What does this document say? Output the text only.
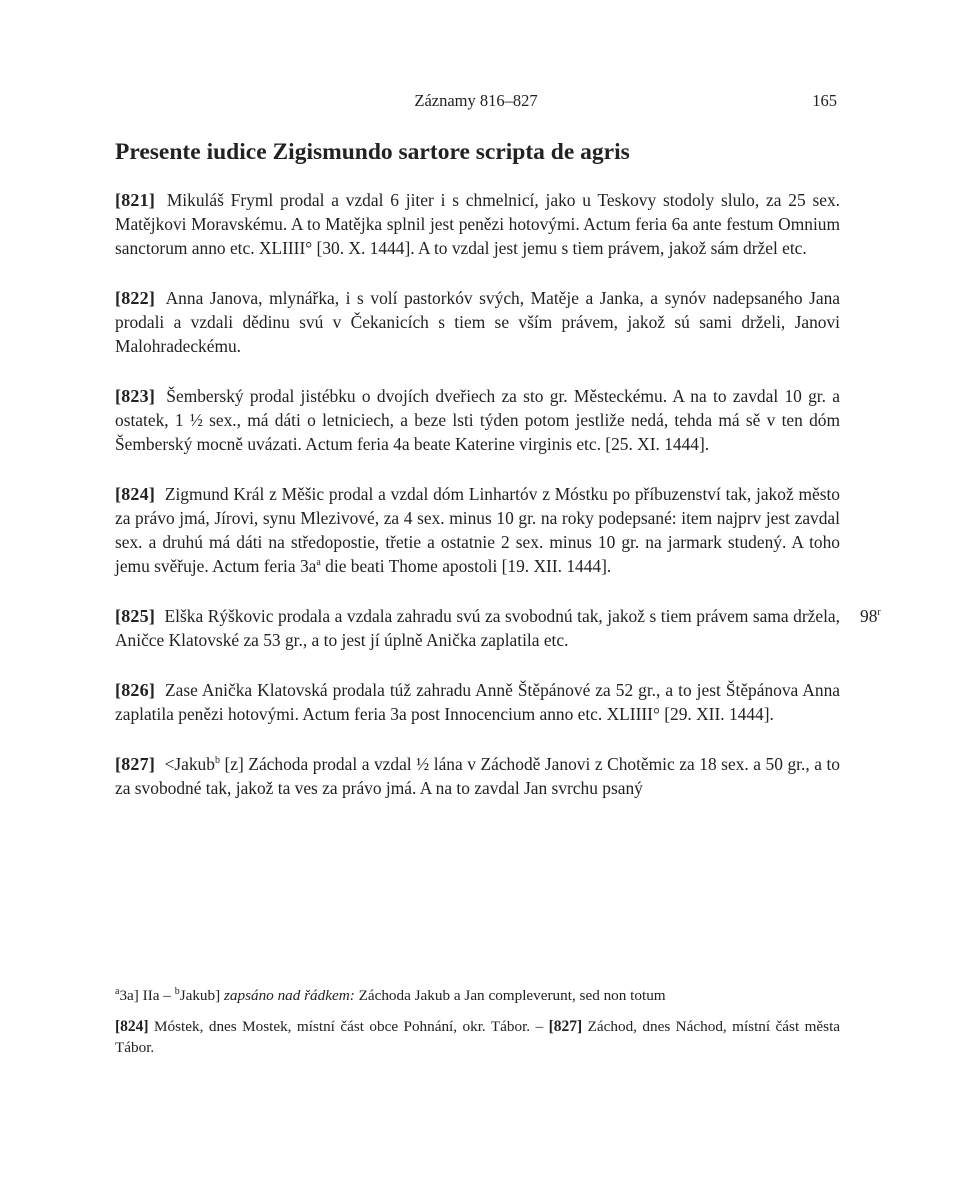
Záznamy 816–827	165
Presente iudice Zigismundo sartore scripta de agris

[821] Mikuláš Fryml prodal a vzdal 6 jiter i s chmelnicí, jako u Teskovy stodoly slulo, za 25 sex. Matějkovi Moravskému. A to Matějka splnil jest penězi hotovými. Actum feria 6a ante festum Omnium sanctorum anno etc. XLIIII° [30. X. 1444]. A to vzdal jest jemu s tiem právem, jakož sám držel etc.

[822] Anna Janova, mlynářka, i s volí pastorkóv svých, Matěje a Janka, a synóv nadepsaného Jana prodali a vzdali dědinu svú v Čekanicích s tiem se vším právem, jakož sú sami drželi, Janovi Malohradeckému.

[823] Šemberský prodal jistébku o dvojích dveřiech za sto gr. Městeckému. A na to zavdal 10 gr. a ostatek, 1 ½ sex., má dáti o letniciech, a beze lsti týden potom jestliže nedá, tehda má sě v ten dóm Šemberský mocně uvázati. Actum feria 4a beate Katerine virginis etc. [25. XI. 1444].

[824] Zigmund Král z Měšic prodal a vzdal dóm Linhartóv z Móstku po příbuzenství tak, jakož město za právo jmá, Jírovi, synu Mlezivové, za 4 sex. minus 10 gr. na roky podepsané: item najprv jest zavdal sex. a druhú má dáti na středopostie, třetie a ostatnie 2 sex. minus 10 gr. na jarmark studený. A toho jemu svěřuje. Actum feria $3a^a$ die beati Thome apostoli [19. XII. 1444].

[825] Elška Rýškovic prodala a vzdala zahradu svú za svobodnú tak, jakož s tiem právem sama držela, Aničce Klatovské za 53 gr., a to jest jí úplně Anička zaplatila etc.
98$^r$

[826] Zase Anička Klatovská prodala túž zahradu Anně Štěpánové za 52 gr., a to jest Štěpánova Anna zaplatila penězi hotovými. Actum feria 3a post Innocencium anno etc. XLIIII° [29. XII. 1444].

[827] <Jakub$^b$ [z] Záchoda prodal a vzdal ½ lána v Záchodě Janovi z Chotěmic za 18 sex. a 50 gr., a to za svobodné tak, jakož ta ves za právo jmá. A na to zavdal Jan svrchu psaný

$^a$3a] IIa – $^b$Jakub] zapsáno nad řádkem: Záchoda Jakub a Jan compleverunt, sed non totum

[824] Móstek, dnes Mostek, místní část obce Pohnání, okr. Tábor. – [827] Záchod, dnes Náchod, místní část města Tábor.
